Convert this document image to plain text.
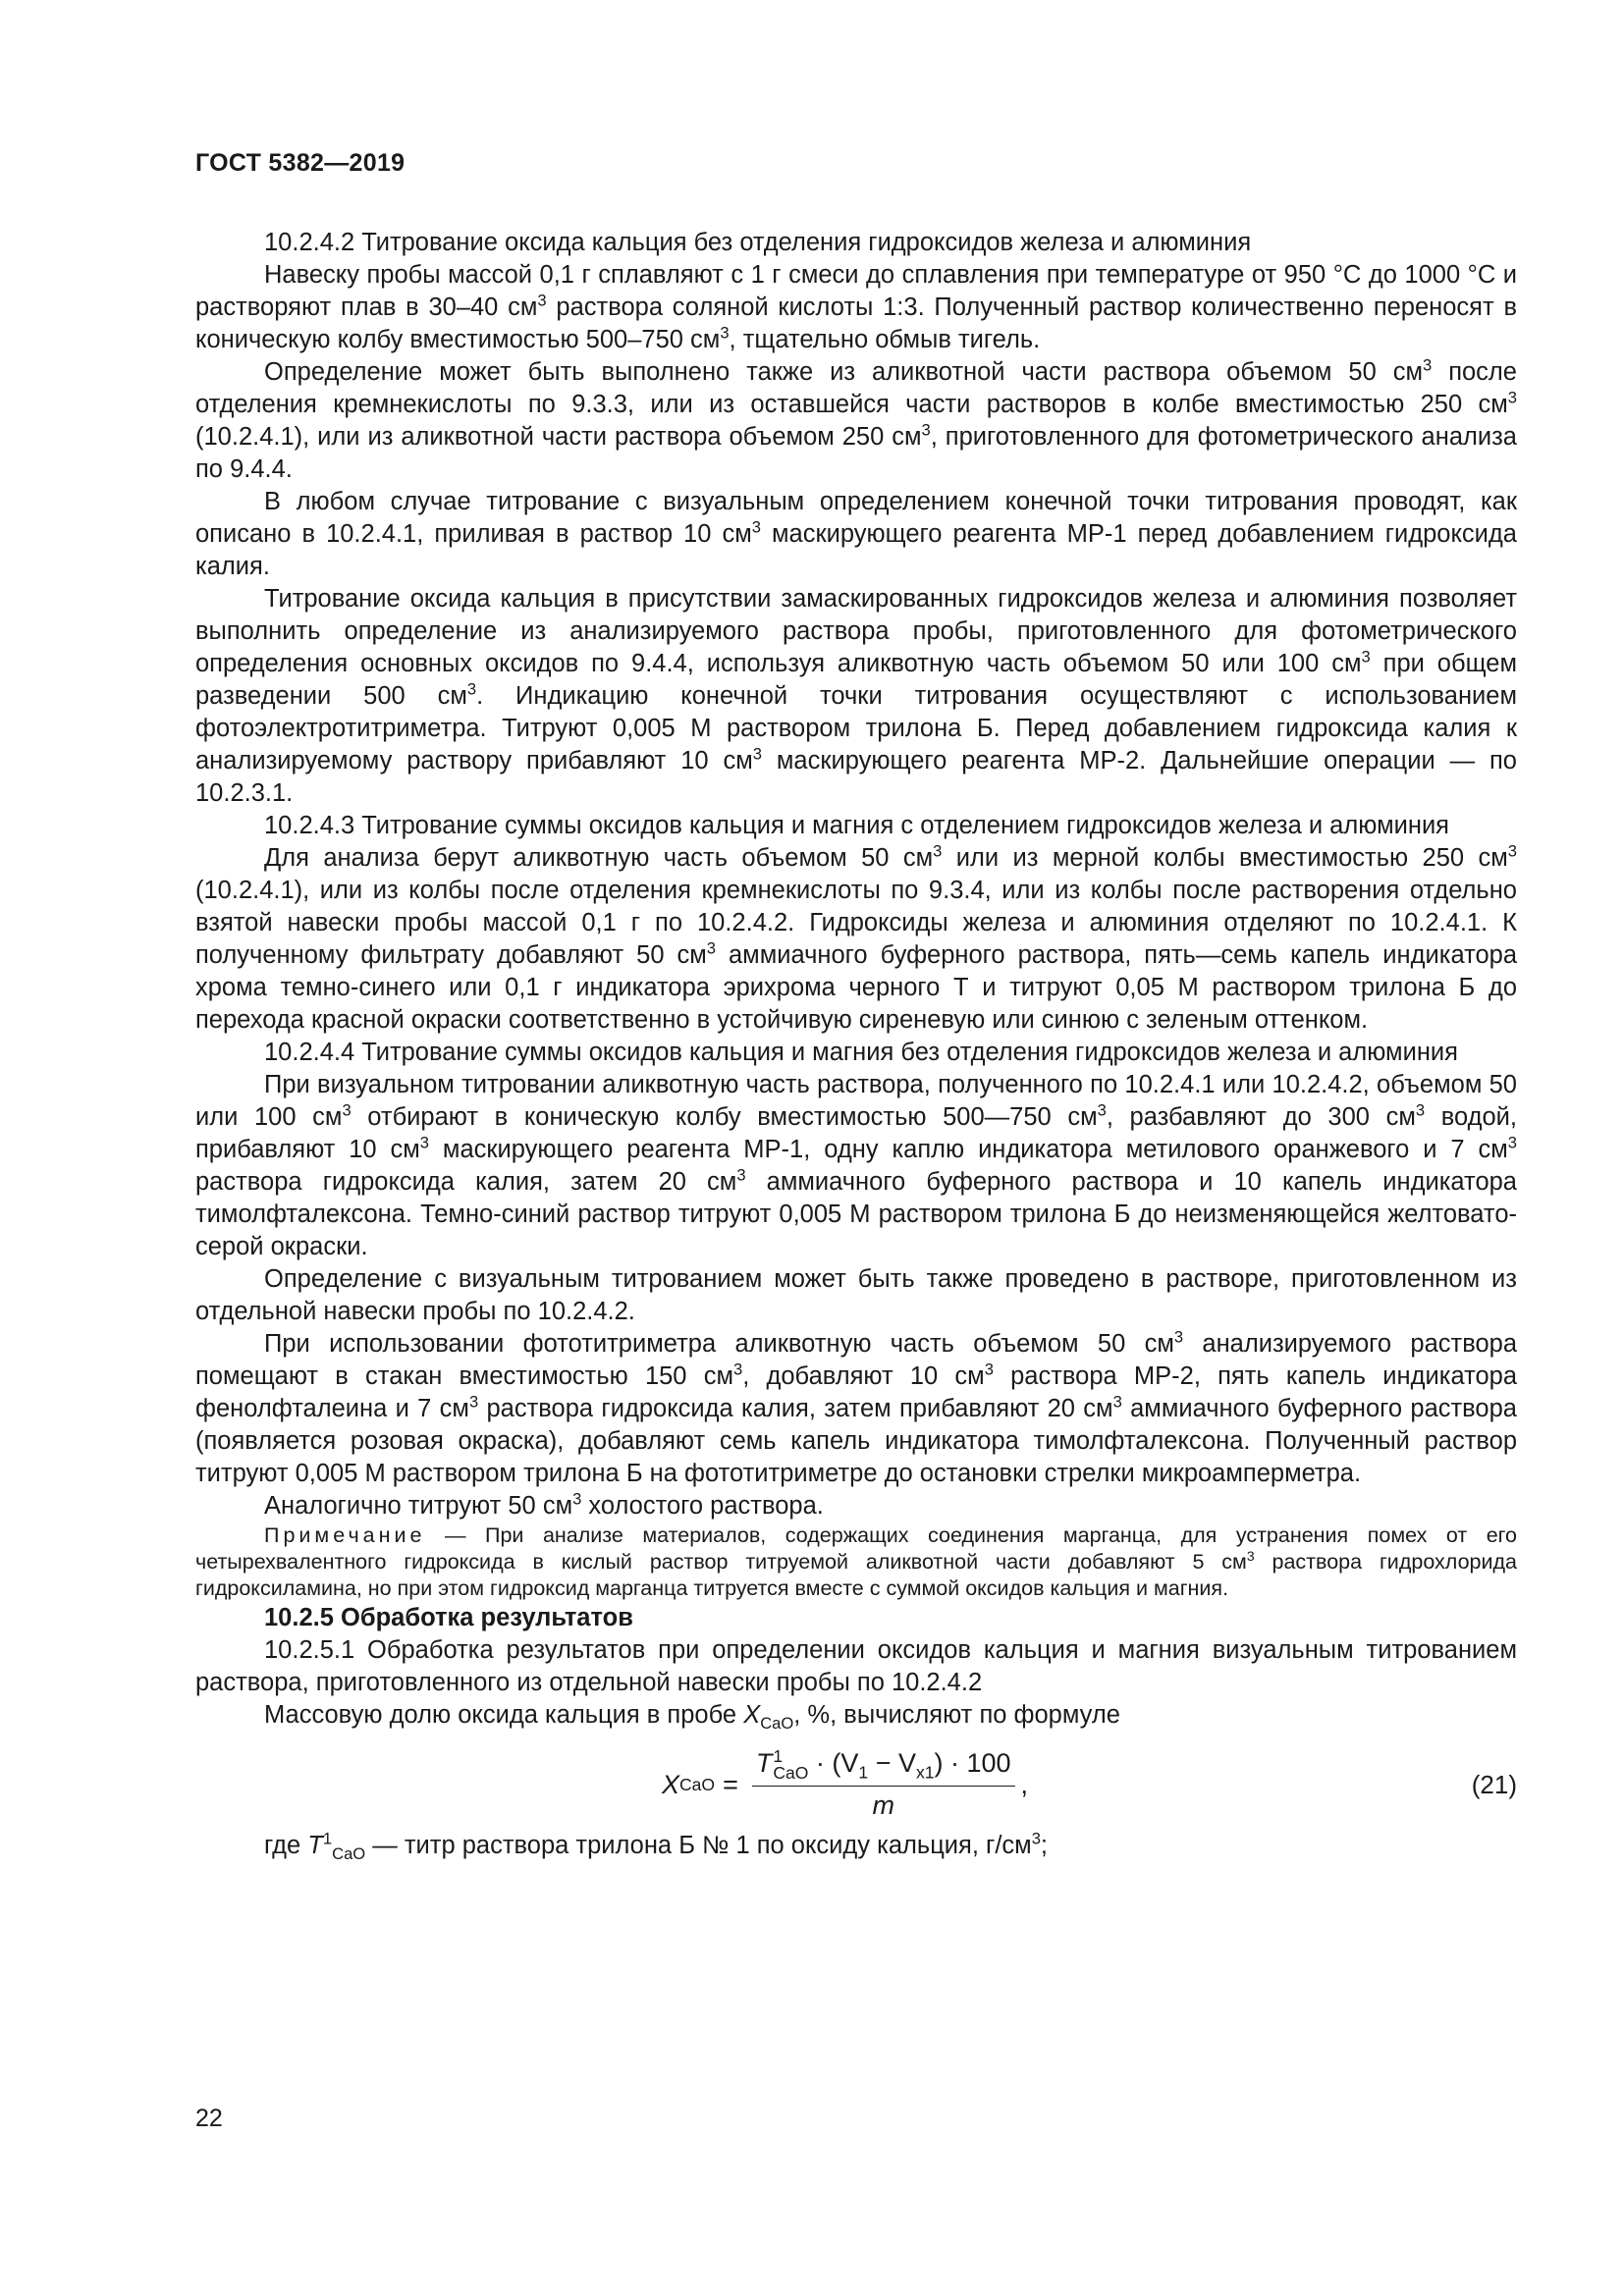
ГОСТ 5382—2019

10.2.4.2 Титрование оксида кальция без отделения гидроксидов железа и алюминия

Навеску пробы массой 0,1 г сплавляют с 1 г смеси до сплавления при температуре от 950 °С до 1000 °С и растворяют плав в 30–40 $см^3$ раствора соляной кислоты 1:3. Полученный раствор количественно переносят в коническую колбу вместимостью 500–750 $см^3$, тщательно обмыв тигель.

Определение может быть выполнено также из аликвотной части раствора объемом 50 $см^3$ после отделения кремнекислоты по 9.3.3, или из оставшейся части растворов в колбе вместимостью 250 $см^3$ (10.2.4.1), или из аликвотной части раствора объемом 250 $см^3$, приготовленного для фотометрического анализа по 9.4.4.

В любом случае титрование с визуальным определением конечной точки титрования проводят, как описано в 10.2.4.1, приливая в раствор 10 $см^3$ маскирующего реагента МР-1 перед добавлением гидроксида калия.

Титрование оксида кальция в присутствии замаскированных гидроксидов железа и алюминия позволяет выполнить определение из анализируемого раствора пробы, приготовленного для фотометрического определения основных оксидов по 9.4.4, используя аликвотную часть объемом 50 или 100 $см^3$ при общем разведении 500 $см^3$. Индикацию конечной точки титрования осуществляют с использованием фотоэлектротитриметра. Титруют 0,005 М раствором трилона Б. Перед добавлением гидроксида калия к анализируемому раствору прибавляют 10 $см^3$ маскирующего реагента МР-2. Дальнейшие операции — по 10.2.3.1.

10.2.4.3 Титрование суммы оксидов кальция и магния с отделением гидроксидов железа и алюминия

Для анализа берут аликвотную часть объемом 50 $см^3$ или из мерной колбы вместимостью 250 $см^3$ (10.2.4.1), или из колбы после отделения кремнекислоты по 9.3.4, или из колбы после растворения отдельно взятой навески пробы массой 0,1 г по 10.2.4.2. Гидроксиды железа и алюминия отделяют по 10.2.4.1. К полученному фильтрату добавляют 50 $см^3$ аммиачного буферного раствора, пять—семь капель индикатора хрома темно-синего или 0,1 г индикатора эрихрома черного Т и титруют 0,05 М раствором трилона Б до перехода красной окраски соответственно в устойчивую сиреневую или синюю с зеленым оттенком.

10.2.4.4 Титрование суммы оксидов кальция и магния без отделения гидроксидов железа и алюминия

При визуальном титровании аликвотную часть раствора, полученного по 10.2.4.1 или 10.2.4.2, объемом 50 или 100 $см^3$ отбирают в коническую колбу вместимостью 500—750 $см^3$, разбавляют до 300 $см^3$ водой, прибавляют 10 $см^3$ маскирующего реагента МР-1, одну каплю индикатора метилового оранжевого и 7 $см^3$ раствора гидроксида калия, затем 20 $см^3$ аммиачного буферного раствора и 10 капель индикатора тимолфталексона. Темно-синий раствор титруют 0,005 М раствором трилона Б до неизменяющейся желтовато-серой окраски.

Определение с визуальным титрованием может быть также проведено в растворе, приготовленном из отдельной навески пробы по 10.2.4.2.

При использовании фототитриметра аликвотную часть объемом 50 $см^3$ анализируемого раствора помещают в стакан вместимостью 150 $см^3$, добавляют 10 $см^3$ раствора МР-2, пять капель индикатора фенолфталеина и 7 $см^3$ раствора гидроксида калия, затем прибавляют 20 $см^3$ аммиачного буферного раствора (появляется розовая окраска), добавляют семь капель индикатора тимолфталексона. Полученный раствор титруют 0,005 М раствором трилона Б на фототитриметре до остановки стрелки микроамперметра.

Аналогично титруют 50 $см^3$ холостого раствора.

Примечание — При анализе материалов, содержащих соединения марганца, для устранения помех от его четырехвалентного гидроксида в кислый раствор титруемой аликвотной части добавляют 5 $см^3$ раствора гидрохлорида гидроксиламина, но при этом гидроксид марганца титруется вместе с суммой оксидов кальция и магния.

10.2.5 Обработка результатов

10.2.5.1 Обработка результатов при определении оксидов кальция и магния визуальным титрованием раствора, приготовленного из отдельной навески пробы по 10.2.4.2

Массовую долю оксида кальция в пробе $X_{CaO}$, %, вычисляют по формуле

X CaO = T 1
CaO · $(V_1 - V_{x1}) \cdot 100$
m ,	(21)

где $T^1_{CaO}$ — титр раствора трилона Б № 1 по оксиду кальция, $г/см^3$;

22
